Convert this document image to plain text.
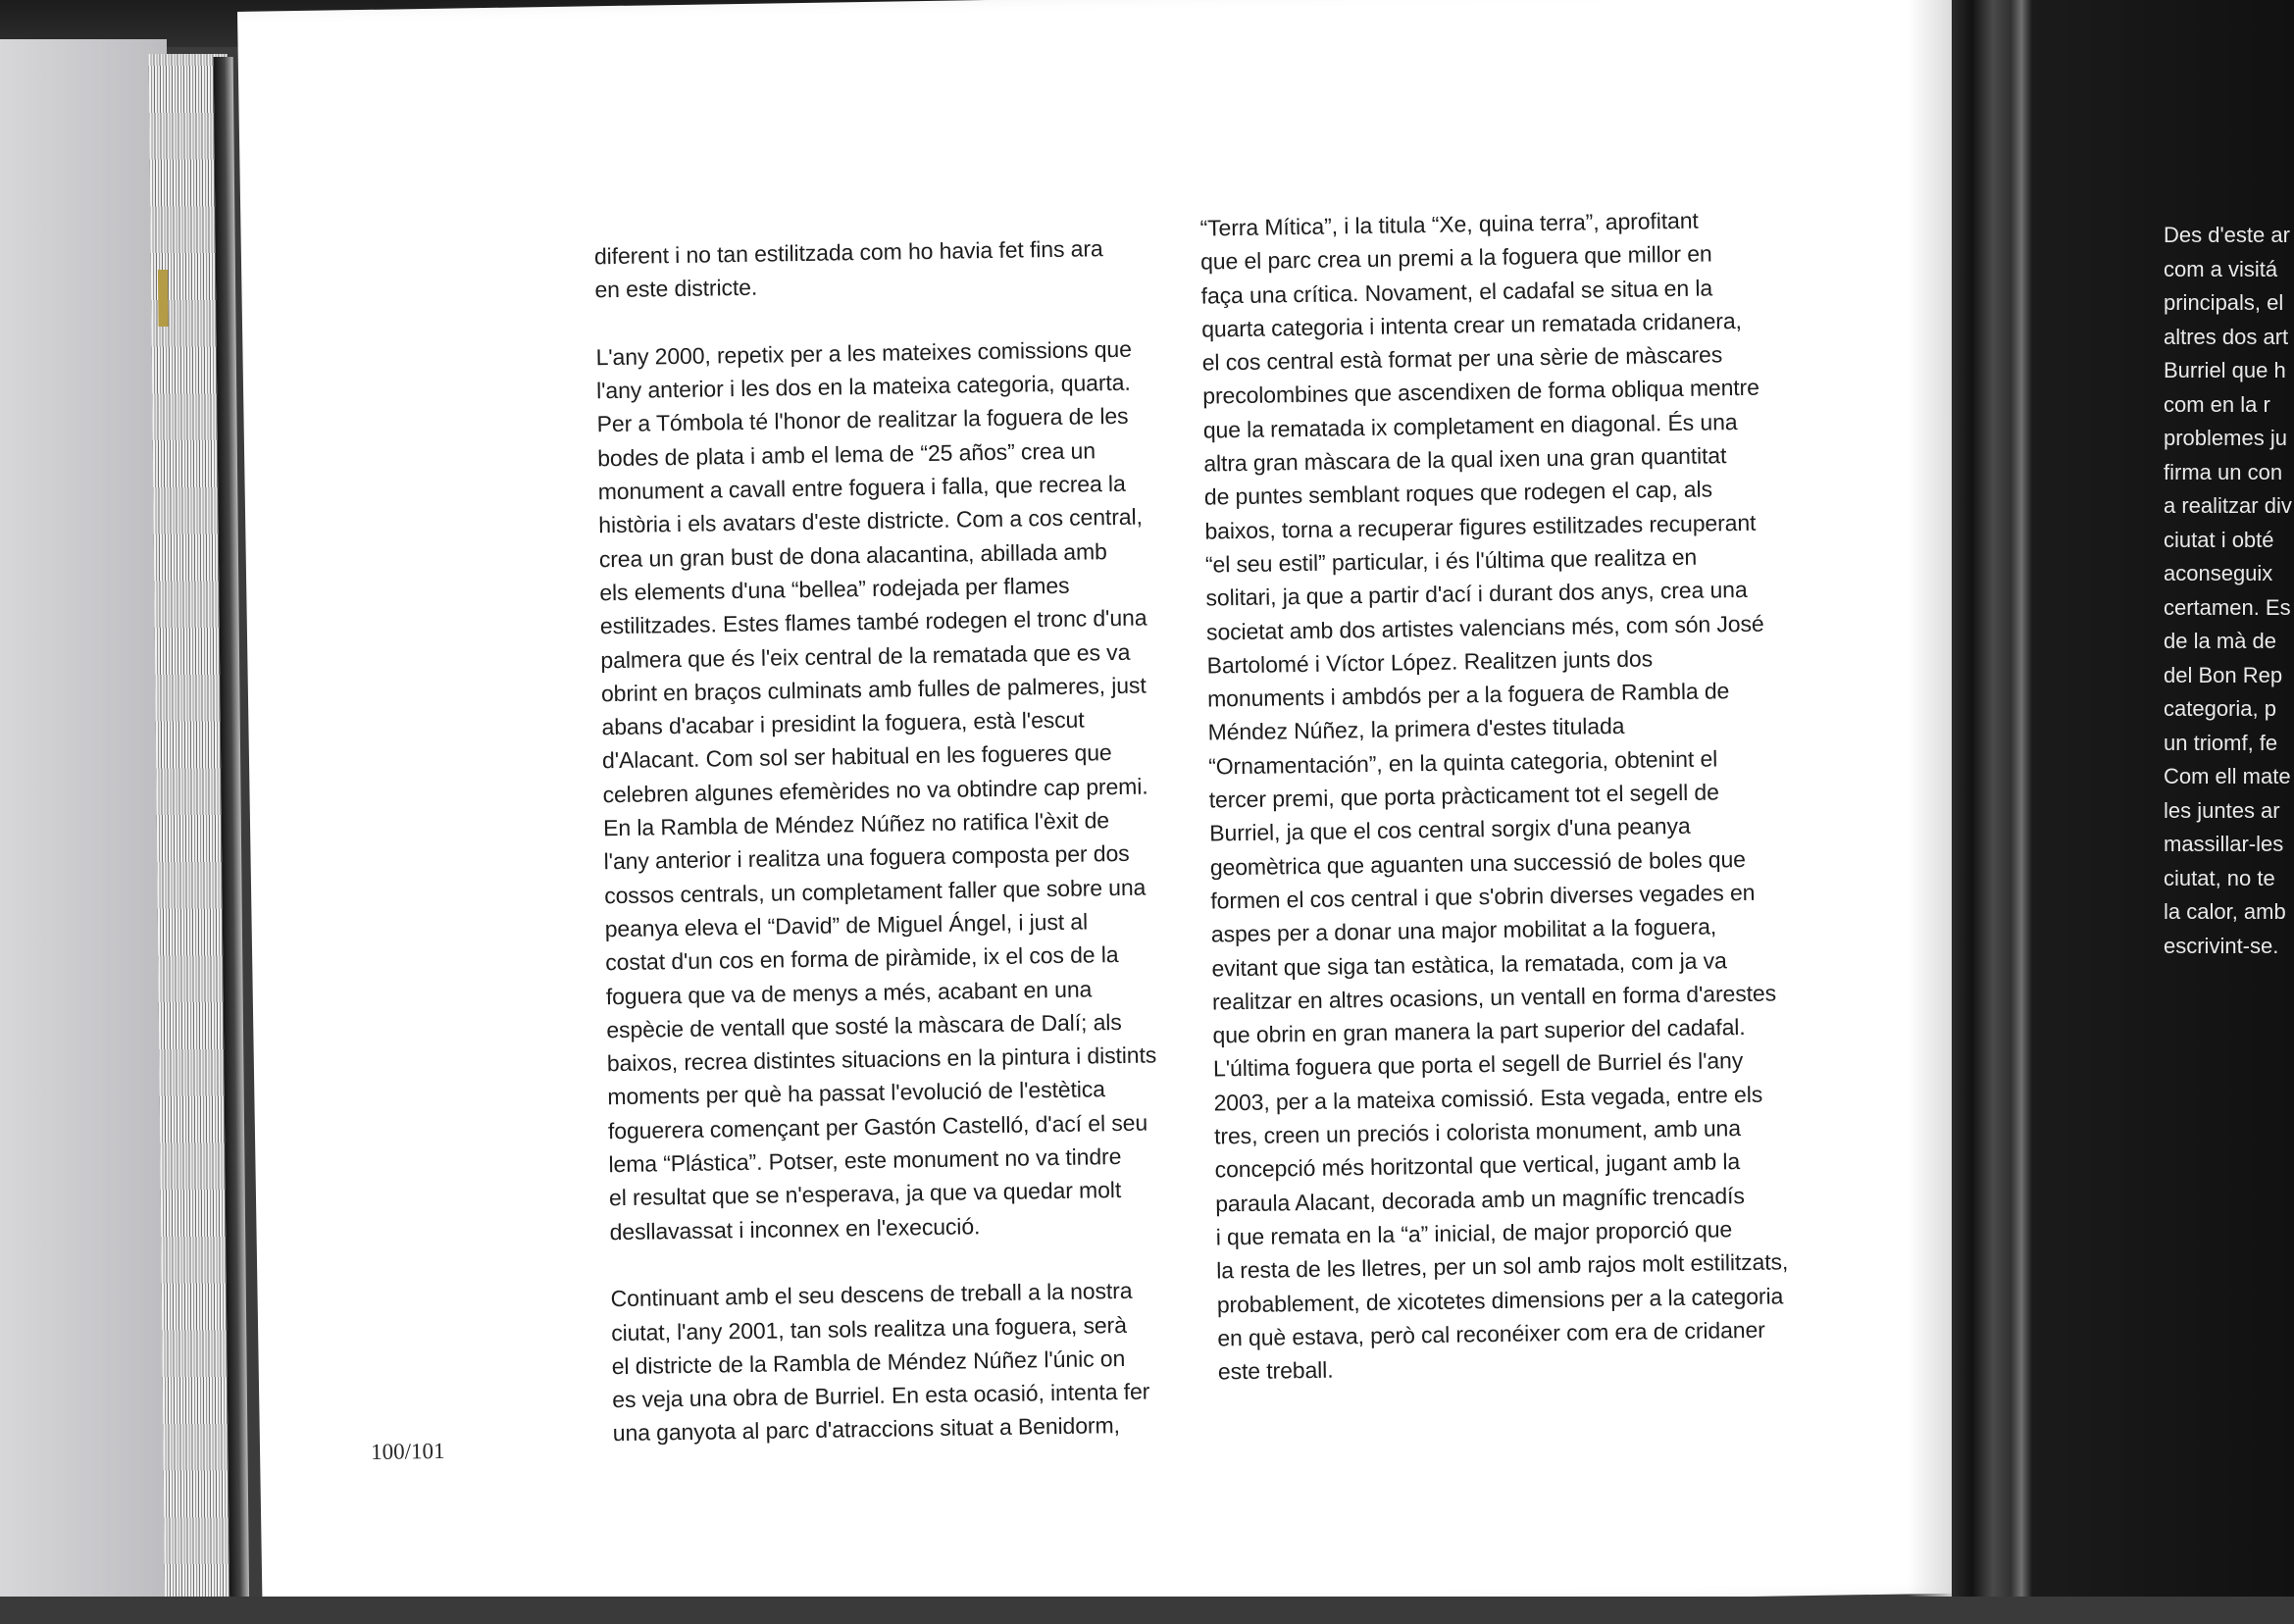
diferent i no tan estilitzada com ho havia fet fins ara
en este districte.
L'any 2000, repetix per a les mateixes comissions que
l'any anterior i les dos en la mateixa categoria, quarta.
Per a Tómbola té l'honor de realitzar la foguera de les
bodes de plata i amb el lema de “25 años” crea un
monument a cavall entre foguera i falla, que recrea la
història i els avatars d'este districte. Com a cos central,
crea un gran bust de dona alacantina, abillada amb
els elements d'una “bellea” rodejada per flames
estilitzades. Estes flames també rodegen el tronc d'una
palmera que és l'eix central de la rematada que es va
obrint en braços culminats amb fulles de palmeres, just
abans d'acabar i presidint la foguera, està l'escut
d'Alacant. Com sol ser habitual en les fogueres que
celebren algunes efemèrides no va obtindre cap premi.
En la Rambla de Méndez Núñez no ratifica l'èxit de
l'any anterior i realitza una foguera composta per dos
cossos centrals, un completament faller que sobre una
peanya eleva el “David” de Miguel Ángel, i just al
costat d'un cos en forma de piràmide, ix el cos de la
foguera que va de menys a més, acabant en una
espècie de ventall que sosté la màscara de Dalí; als
baixos, recrea distintes situacions en la pintura i distints
moments per què ha passat l'evolució de l'estètica
foguerera començant per Gastón Castelló, d'ací el seu
lema “Plástica”. Potser, este monument no va tindre
el resultat que se n'esperava, ja que va quedar molt
desllavassat i inconnex en l'execució.
Continuant amb el seu descens de treball a la nostra
ciutat, l'any 2001, tan sols realitza una foguera, serà
el districte de la Rambla de Méndez Núñez l'únic on
es veja una obra de Burriel. En esta ocasió, intenta fer
una ganyota al parc d'atraccions situat a Benidorm,
“Terra Mítica”, i la titula “Xe, quina terra”, aprofitant
que el parc crea un premi a la foguera que millor en
faça una crítica. Novament, el cadafal se situa en la
quarta categoria i intenta crear un rematada cridanera,
el cos central està format per una sèrie de màscares
precolombines que ascendixen de forma obliqua mentre
que la rematada ix completament en diagonal. És una
altra gran màscara de la qual ixen una gran quantitat
de puntes semblant roques que rodegen el cap, als
baixos, torna a recuperar figures estilitzades recuperant
“el seu estil” particular, i és l'última que realitza en
solitari, ja que a partir d'ací i durant dos anys, crea una
societat amb dos artistes valencians més, com són José
Bartolomé i Víctor López. Realitzen junts dos
monuments i ambdós per a la foguera de Rambla de
Méndez Núñez, la primera d'estes titulada
“Ornamentación”, en la quinta categoria, obtenint el
tercer premi, que porta pràcticament tot el segell de
Burriel, ja que el cos central sorgix d'una peanya
geomètrica que aguanten una successió de boles que
formen el cos central i que s'obrin diverses vegades en
aspes per a donar una major mobilitat a la foguera,
evitant que siga tan estàtica, la rematada, com ja va
realitzar en altres ocasions, un ventall en forma d'arestes
que obrin en gran manera la part superior del cadafal.
L'última foguera que porta el segell de Burriel és l'any
2003, per a la mateixa comissió. Esta vegada, entre els
tres, creen un preciós i colorista monument, amb una
concepció més horitzontal que vertical, jugant amb la
paraula Alacant, decorada amb un magnífic trencadís
i que remata en la “a” inicial, de major proporció que
la resta de les lletres, per un sol amb rajos molt estilitzats,
probablement, de xicotetes dimensions per a la categoria
en què estava, però cal reconéixer com era de cridaner
este treball.
100/101
Des d'este ar
com a visitá
principals, el
altres dos art
Burriel que h
com en la r
problemes ju
firma un con
a realitzar div
ciutat i obté
aconseguix
certamen. Es
de la mà de
del Bon Rep
categoria, p
un triomf, fe
Com ell mate
les juntes ar
massillar-les
ciutat, no te
la calor, amb
escrivint-se.
